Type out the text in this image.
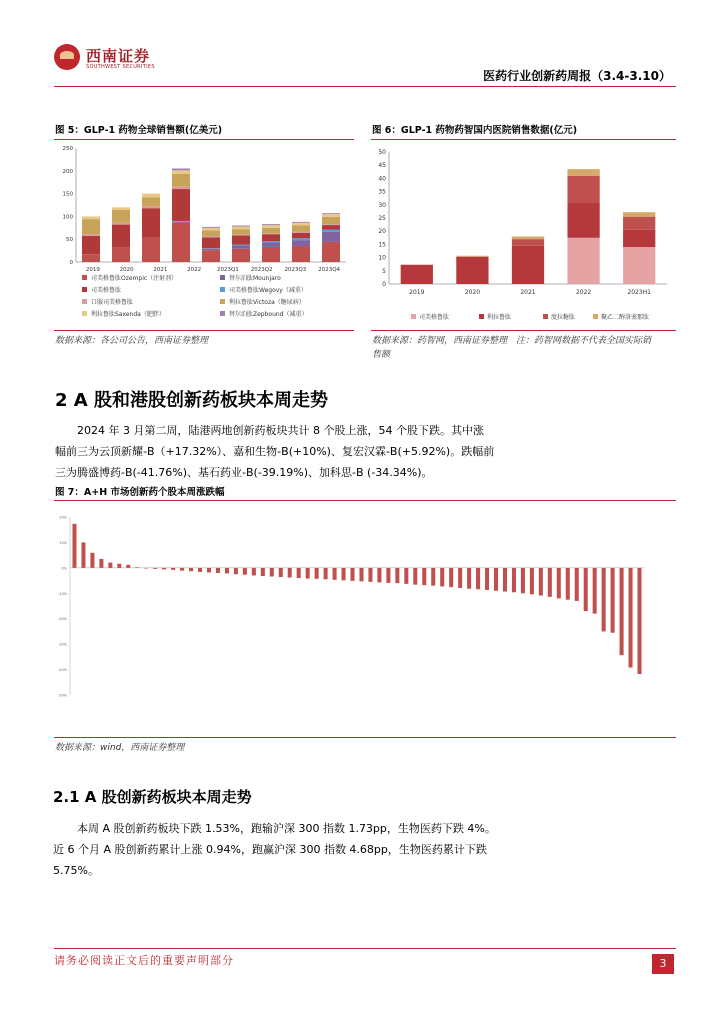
西南证券
SOUTHWEST SECURITIES
医药行业创新药周报（3.4-3.10）
图 5：GLP-1 药物全球销售额(亿美元)
0
50
100
150
200
250
2019	2020	2021	2022	2023Q1 2023Q2 2023Q3 2023Q4
司美格鲁肽Ozempic（注射剂）	替尔泊肽Mounjaro
司美格鲁肽	司美格鲁肽Wegovy（减重）
口服司美格鲁肽	利拉鲁肽Victoza（糖尿病）
利拉鲁肽Saxenda（肥胖）	替尔泊肽Zepbound（减重）
数据来源：各公司公告，西南证券整理
图 6：GLP-1 药物药智国内医院销售数据(亿元)
0
5
10
15
20
25
30
35
40
45
50
2019	2020	2021	2022	2023H1
司美格鲁肽	利拉鲁肽	度拉糖肽	聚乙二醇洛塞那肽
数据来源：药智网，西南证券整理　注：药智网数据不代表全国实际销
售额
2 A 股和港股创新药板块本周走势
2024 年 3 月第二周，陆港两地创新药板块共计 8 个股上涨，54 个股下跌。其中涨
幅前三为云顶新耀-B（+17.32%）、嘉和生物-B(+10%)、复宏汉霖-B(+5.92%)。跌幅前
三为腾盛博药-B(-41.76%)、基石药业-B(-39.19%)、加科思-B (-34.34%)。
图 7：A+H 市场创新药个股本周涨跌幅
20%
10%
0%
-10%
-20%
-30%
-40%
-50%
数据来源：wind，西南证券整理
2.1 A 股创新药板块本周走势
本周 A 股创新药板块下跌 1.53%，跑输沪深 300 指数 1.73pp，生物医药下跌 4%。
近 6 个月 A 股创新药累计上涨 0.94%，跑赢沪深 300 指数 4.68pp，生物医药累计下跌
5.75%。
请务必阅读正文后的重要声明部分	3
